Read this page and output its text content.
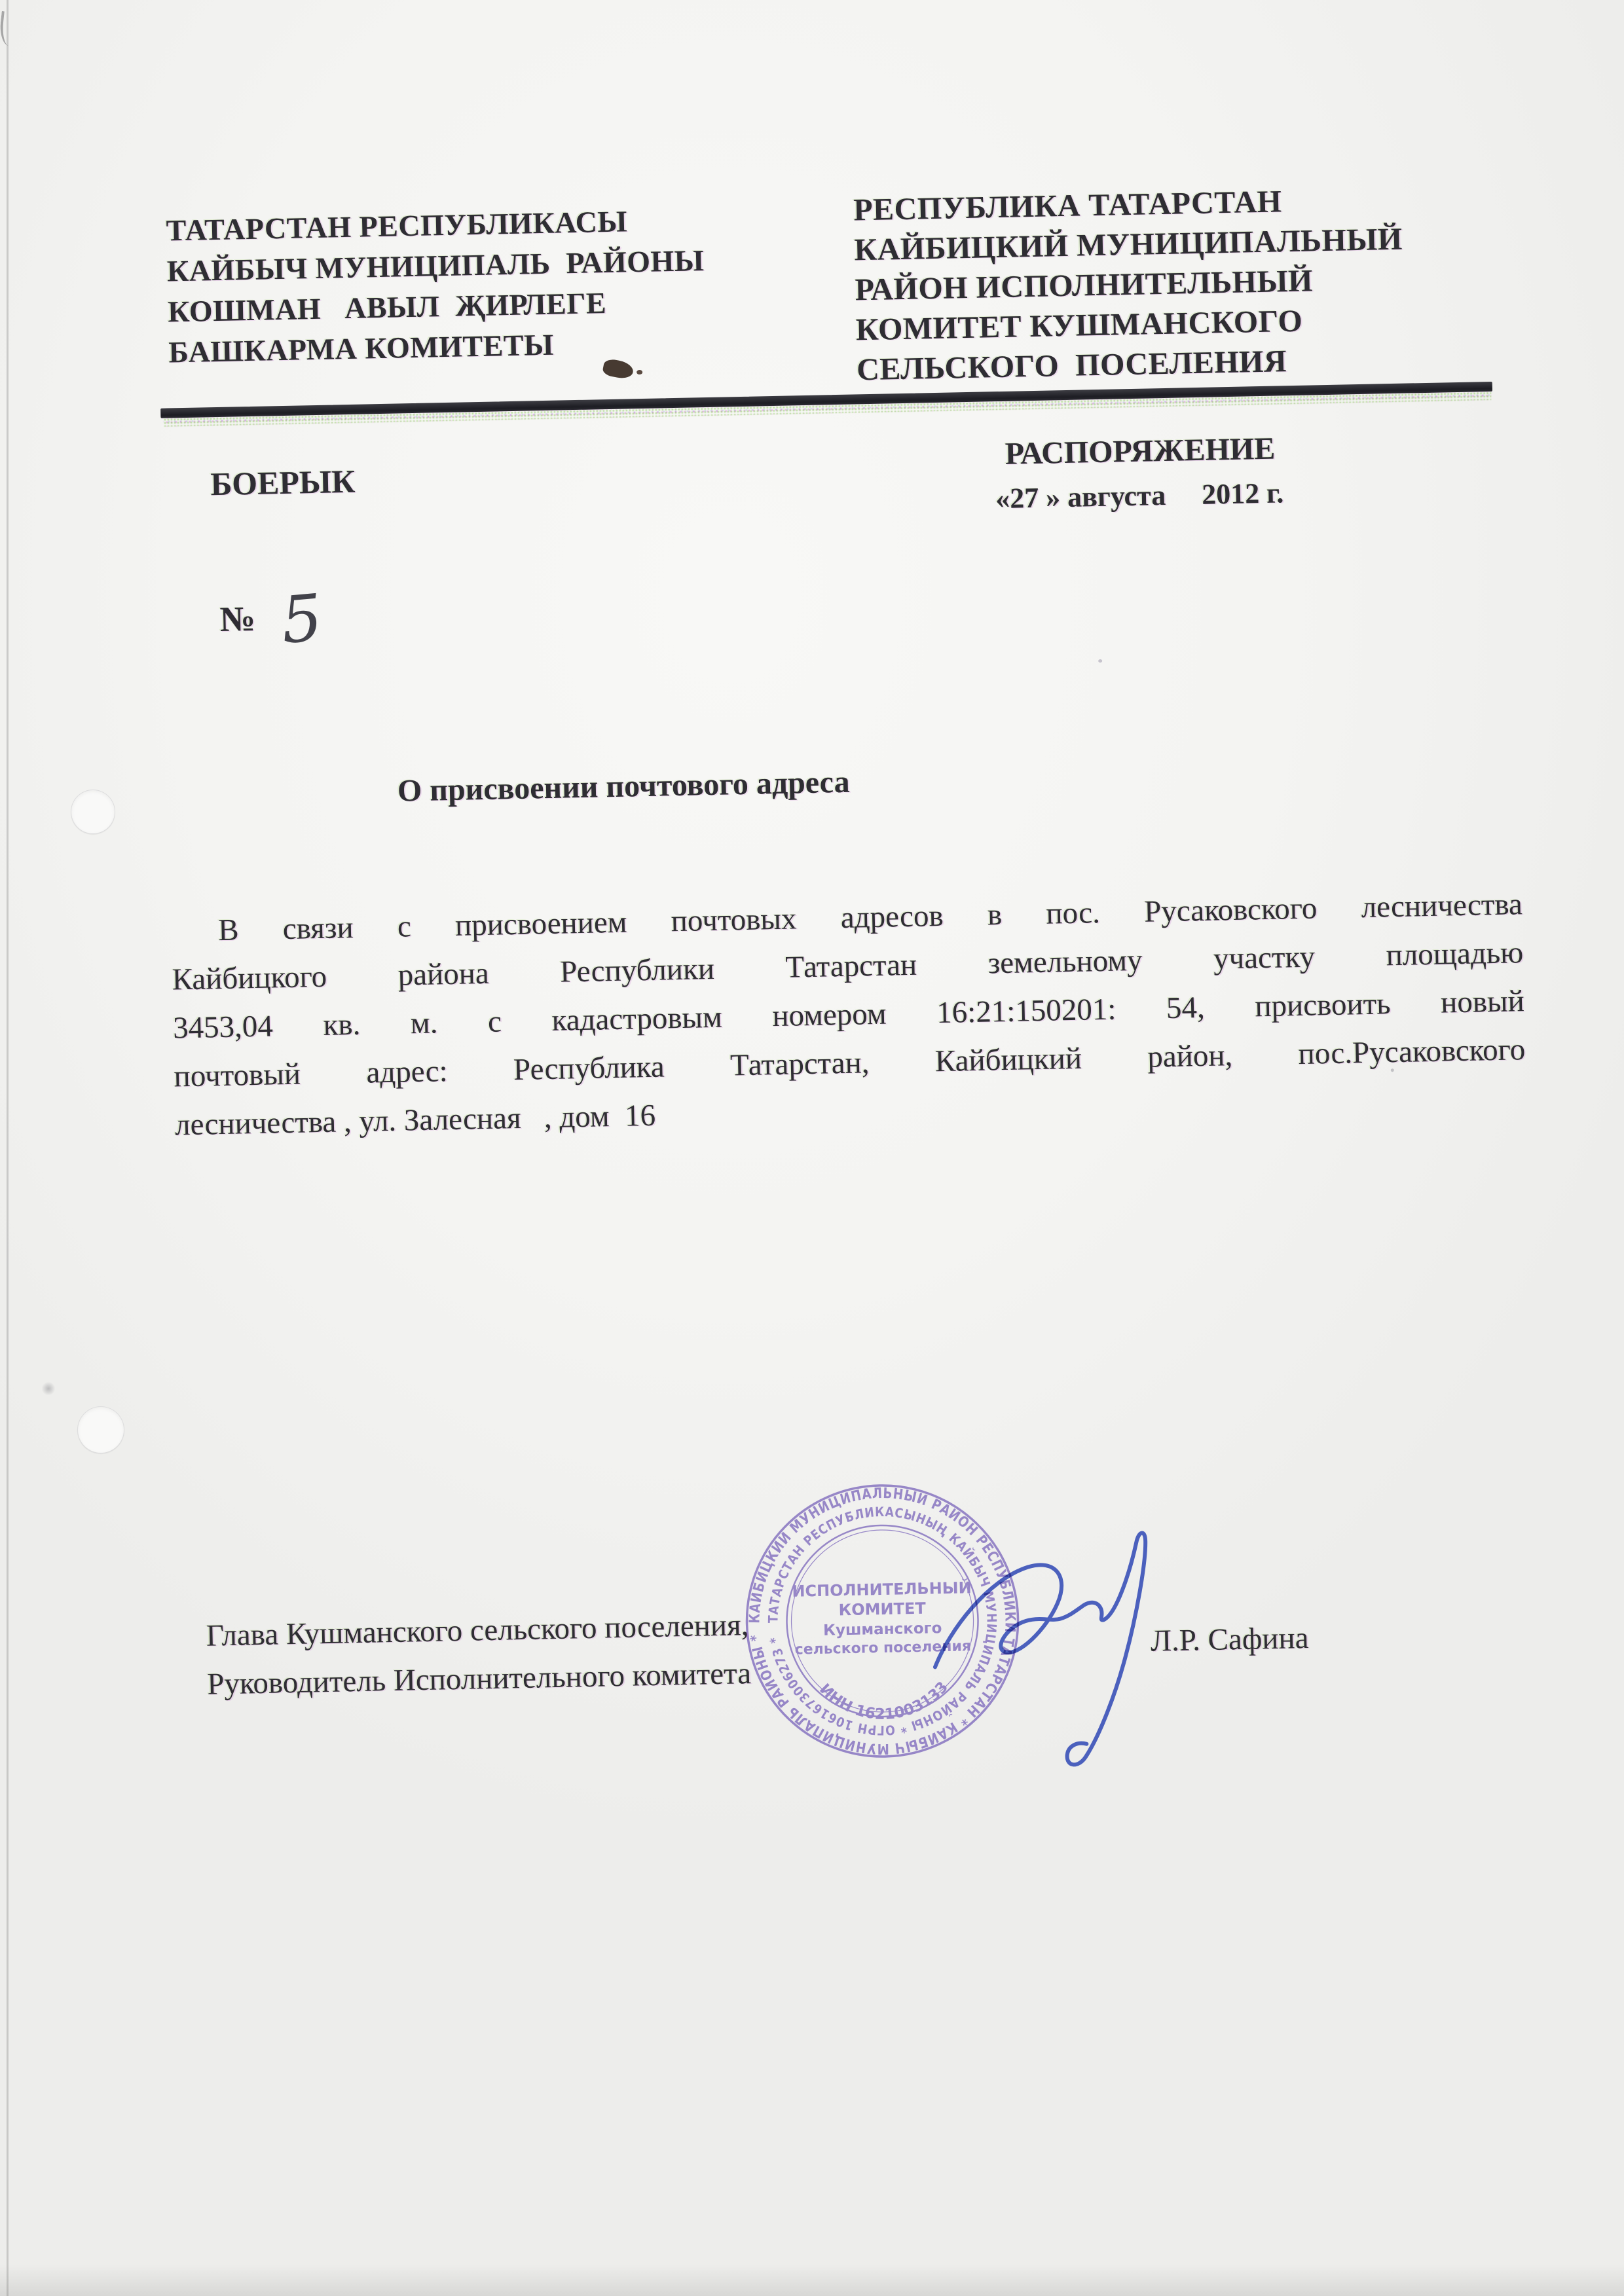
ТАТАРСТАН РЕСПУБЛИКАСЫ
КАЙБЫЧ МУНИЦИПАЛЬ  РАЙОНЫ
КОШМАН   АВЫЛ  ҖИРЛЕГЕ
БАШКАРМА КОМИТЕТЫ
РЕСПУБЛИКА ТАТАРСТАН
КАЙБИЦКИЙ МУНИЦИПАЛЬНЫЙ
РАЙОН ИСПОЛНИТЕЛЬНЫЙ
КОМИТЕТ КУШМАНСКОГО
СЕЛЬСКОГО  ПОСЕЛЕНИЯ
БОЕРЫК
РАСПОРЯЖЕНИЕ
«27 » августа     2012 г.
№ 5
О присвоении почтового адреса
В связи с присвоением почтовых адресов в пос. Русаковского лесничества
Кайбицкого района Республики Татарстан земельному участку площадью
3453,04 кв. м. с кадастровым номером 16:21:150201: 54, присвоить новый
почтовый адрес: Республика Татарстан, Кайбицкий район, пос.Русаковского
лесничества , ул. Залесная   , дом  16
КАЙБИЦКИЙ МУНИЦИПАЛЬНЫЙ РАЙОН РЕСПУБЛИКИ ТАТАРСТАН * КАЙБЫЧ МУНИЦИПАЛЬ РАЙОНЫ *
ТАТАРСТАН РЕСПУБЛИКАСЫНЫҢ КАЙБЫЧ МУНИЦИПАЛЬ РАЙОНЫ * ОГРН 1061673006273 *
ИСПОЛНИТЕЛЬНЫЙ
КОМИТЕТ
Кушманского
сельского поселения
ИНН 1621003133
Глава Кушманского сельского поселения,
Руководитель Исполнительного комитета
Л.Р. Сафина
